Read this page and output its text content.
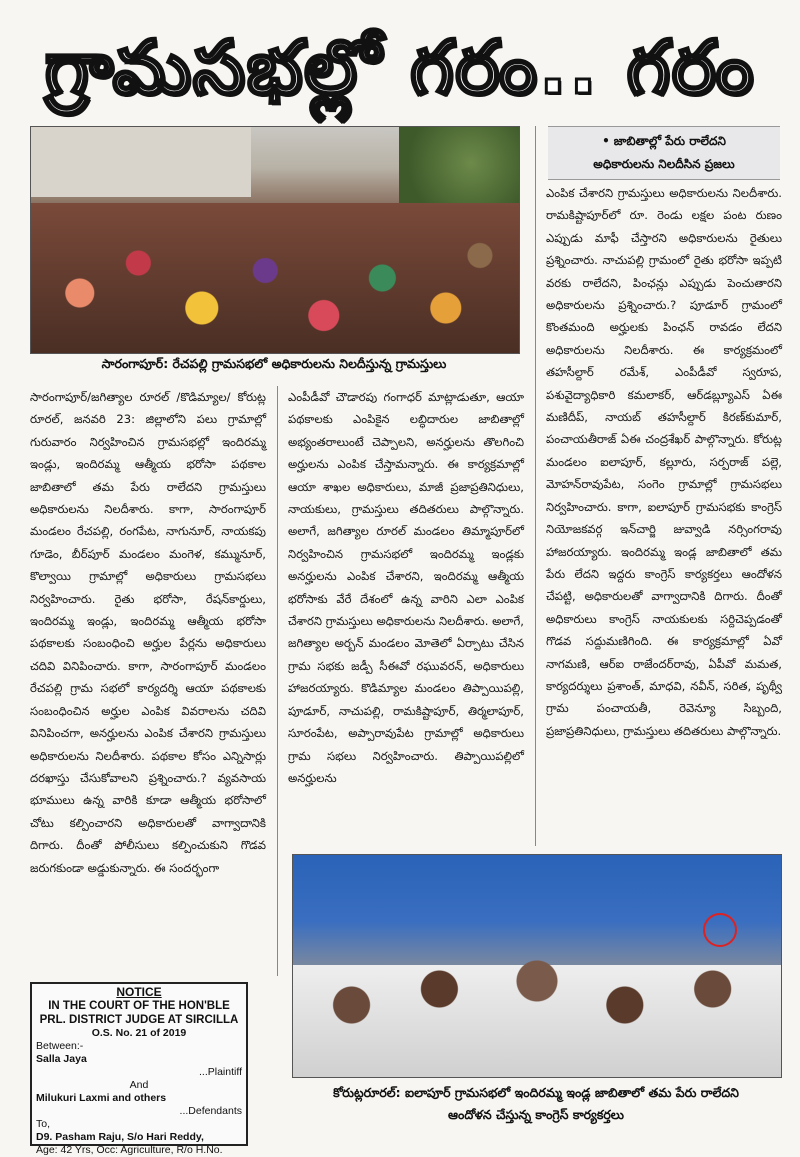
గ్రామసభల్లో గరం.. గరం
సారంగాపూర్: రేచపల్లి గ్రామసభలో అధికారులను నిలదీస్తున్న గ్రామస్తులు
• జాబితాల్లో పేరు రాలేదని
అధికారులను నిలదీసిన ప్రజలు

సారంగాపూర్/జగిత్యాల రూరల్ /కొడిమ్యాల/ కోరుట్ల రూరల్, జనవరి 23: జిల్లాలోని పలు గ్రామాల్లో గురువారం నిర్వహించిన గ్రామసభల్లో ఇందిరమ్మ ఇండ్లు, ఇందిరమ్మ ఆత్మీయ భరోసా పథకాల జాబితాలో తమ పేరు రాలేదని గ్రామస్తులు అధికారులను నిలదీశారు. కాగా, సారంగాపూర్ మండలం రేచపల్లి, రంగపేట, నాగునూర్, నాయకపు గూడెం, బీర్‌పూర్ మండలం మంగెళ, కమ్మునూర్, కొల్వాయి గ్రామాల్లో అధికారులు గ్రామసభలు నిర్వహించారు. రైతు భరోసా, రేషన్‌కార్డులు, ఇందిరమ్మ ఇండ్లు, ఇందిరమ్మ ఆత్మీయ భరోసా పథకాలకు సంబంధించి అర్హుల పేర్లను అధికారులు చదివి వినిపించారు. కాగా, సారంగాపూర్ మండలం రేచపల్లి గ్రామ సభలో కార్యదర్శి ఆయా పథకాలకు సంబంధించిన అర్హుల ఎంపిక వివరాలను చదివి వినిపించగా, అనర్హులను ఎంపిక చేశారని గ్రామస్తులు అధికారులను నిలదీశారు. పథకాల కోసం ఎన్నిసార్లు దరఖాస్తు చేసుకోవాలని ప్రశ్నించారు.? వ్యవసాయ భూములు ఉన్న వారికి కూడా ఆత్మీయ భరోసాలో చోటు కల్పించారని అధికారులతో వాగ్వాదానికి దిగారు. దీంతో పోలీసులు కల్పించుకుని గొడవ జరుగకుండా అడ్డుకున్నారు. ఈ సందర్భంగా

ఎంపీడీవో చౌడారపు గంగాధర్ మాట్లాడుతూ, ఆయా పథకాలకు ఎంపికైన లబ్ధిదారుల జాబితాల్లో అభ్యంతరాలుంటే చెప్పాలని, అనర్హులను తొలగించి అర్హులను ఎంపిక చేస్తామన్నారు. ఈ కార్యక్రమాల్లో ఆయా శాఖల అధికారులు, మాజీ ప్రజాప్రతినిధులు, నాయకులు, గ్రామస్తులు తదితరులు పాల్గొన్నారు. అలాగే, జగిత్యాల రూరల్ మండలం తిమ్మాపూర్‌లో నిర్వహించిన గ్రామసభలో ఇందిరమ్మ ఇండ్లకు అనర్హులను ఎంపిక చేశారని, ఇందిరమ్మ ఆత్మీయ భరోసాకు వేరే దేశంలో ఉన్న వారిని ఎలా ఎంపిక చేశారని గ్రామస్తులు అధికారులను నిలదీశారు. అలాగే, జగిత్యాల అర్బన్ మండలం మోతెలో ఏర్పాటు చేసిన గ్రామ సభకు జడ్పీ సీఈవో రఘువరన్, అధికారులు హాజరయ్యారు. కొడిమ్యాల మండలం తిప్పాయిపల్లి, పూడూర్, నాచుపల్లి, రామకిష్టాపూర్, తిర్మలాపూర్, సూరంపేట, అప్పారావుపేట గ్రామాల్లో అధికారులు గ్రామ సభలు నిర్వహించారు. తిప్పాయిపల్లిలో అనర్హులను

ఎంపిక చేశారని గ్రామస్తులు అధికారులను నిలదీశారు. రామకిష్టాపూర్‌లో రూ. రెండు లక్షల పంట రుణం ఎప్పుడు మాఫీ చేస్తారని అధికారులను రైతులు ప్రశ్నించారు. నాచుపల్లి గ్రామంలో రైతు భరోసా ఇప్పటి వరకు రాలేదని, పింఛన్లు ఎప్పుడు పెంచుతారని అధికారులను ప్రశ్నించారు.? పూడూర్ గ్రామంలో కొంతమంది అర్హులకు పింఛన్ రావడం లేదని అధికారులను నిలదీశారు. ఈ కార్యక్రమంలో తహసీల్దార్ రమేశ్, ఎంపీడీవో స్వరూప, పశువైద్యాధికారి కమలాకర్, ఆర్‌డబ్ల్యూఎస్ ఏఈ మణిదీప్, నాయబ్ తహసీల్దార్ కిరణ్‌కుమార్, పంచాయతీరాజ్ ఏఈ చంద్రశేఖర్ పాల్గొన్నారు. కోరుట్ల మండలం ఐలాపూర్, కల్లూరు, సర్పరాజ్ పల్లె, మోహన్‌రావుపేట, సంగెం గ్రామాల్లో గ్రామసభలు నిర్వహించారు. కాగా, ఐలాపూర్ గ్రామసభకు కాంగ్రెస్ నియోజకవర్గ ఇన్‌చార్జి జువ్వాడి నర్సింగరావు హాజరయ్యారు. ఇందిరమ్మ ఇండ్ల జాబితాలో తమ పేరు లేదని ఇద్దరు కాంగ్రెస్ కార్యకర్తలు ఆందోళన చేపట్టి, అధికారులతో వాగ్వాదానికి దిగారు. దీంతో అధికారులు కాంగ్రెస్ నాయకులకు సర్దిచెప్పడంతో గొడవ సద్దుమణిగింది. ఈ కార్యక్రమాల్లో ఏవో నాగమణి, ఆర్ఐ రాజేందర్‌రావు, ఏపీవో మమత, కార్యదర్శులు ప్రశాంత్, మాధవి, నవీన్, సరిత, పృథ్వీ గ్రామ పంచాయతీ, రెవెన్యూ సిబ్బంది, ప్రజాప్రతినిధులు, గ్రామస్తులు తదితరులు పాల్గొన్నారు.

కోరుట్లరూరల్: ఐలాపూర్ గ్రామసభలో ఇందిరమ్మ ఇండ్ల జాబితాలో తమ పేరు రాలేదని
ఆందోళన చేస్తున్న కాంగ్రెస్ కార్యకర్తలు
NOTICE
IN THE COURT OF THE HON'BLE
PRL. DISTRICT JUDGE AT SIRCILLA
O.S. No. 21 of 2019
Between:-
Salla Jaya
...Plaintiff
And
Milukuri Laxmi and others
...Defendants
To,
D9. Pasham Raju, S/o Hari Reddy,
Age: 42 Yrs, Occ: Agriculture, R/o H.No.
